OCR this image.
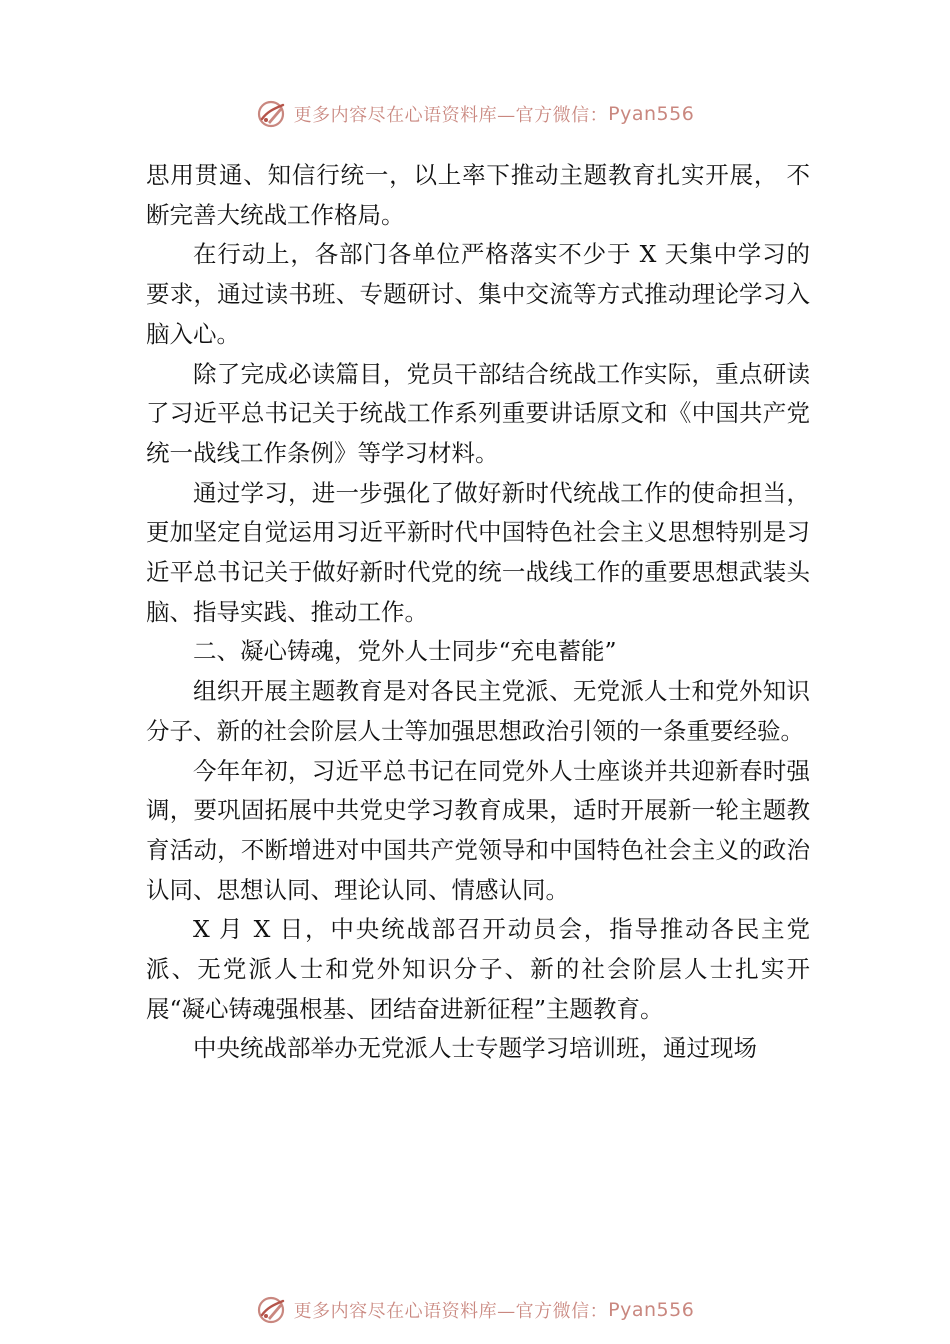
更多内容尽在心语资料库—官方微信： Pyan556

思用贯通、知信行统一，以上率下推动主题教育扎实开展， 不断完善大统战工作格局。

在行动上，各部门各单位严格落实不少于 X 天集中学习的要求，通过读书班、专题研讨、集中交流等方式推动理论学习入脑入心。

除了完成必读篇目，党员干部结合统战工作实际，重点研读了习近平总书记关于统战工作系列重要讲话原文和《中国共产党统一战线工作条例》等学习材料。

通过学习，进一步强化了做好新时代统战工作的使命担当，更加坚定自觉运用习近平新时代中国特色社会主义思想特别是习近平总书记关于做好新时代党的统一战线工作的重要思想武装头脑、指导实践、推动工作。

二、凝心铸魂，党外人士同步“充电蓄能”

组织开展主题教育是对各民主党派、无党派人士和党外知识分子、新的社会阶层人士等加强思想政治引领的一条重要经验。

今年年初，习近平总书记在同党外人士座谈并共迎新春时强调，要巩固拓展中共党史学习教育成果，适时开展新一轮主题教育活动，不断增进对中国共产党领导和中国特色社会主义的政治认同、思想认同、理论认同、情感认同。

X 月 X 日，中央统战部召开动员会，指导推动各民主党派、无党派人士和党外知识分子、新的社会阶层人士扎实开展“凝心铸魂强根基、团结奋进新征程”主题教育。

中央统战部举办无党派人士专题学习培训班，通过现场

更多内容尽在心语资料库—官方微信： Pyan556
